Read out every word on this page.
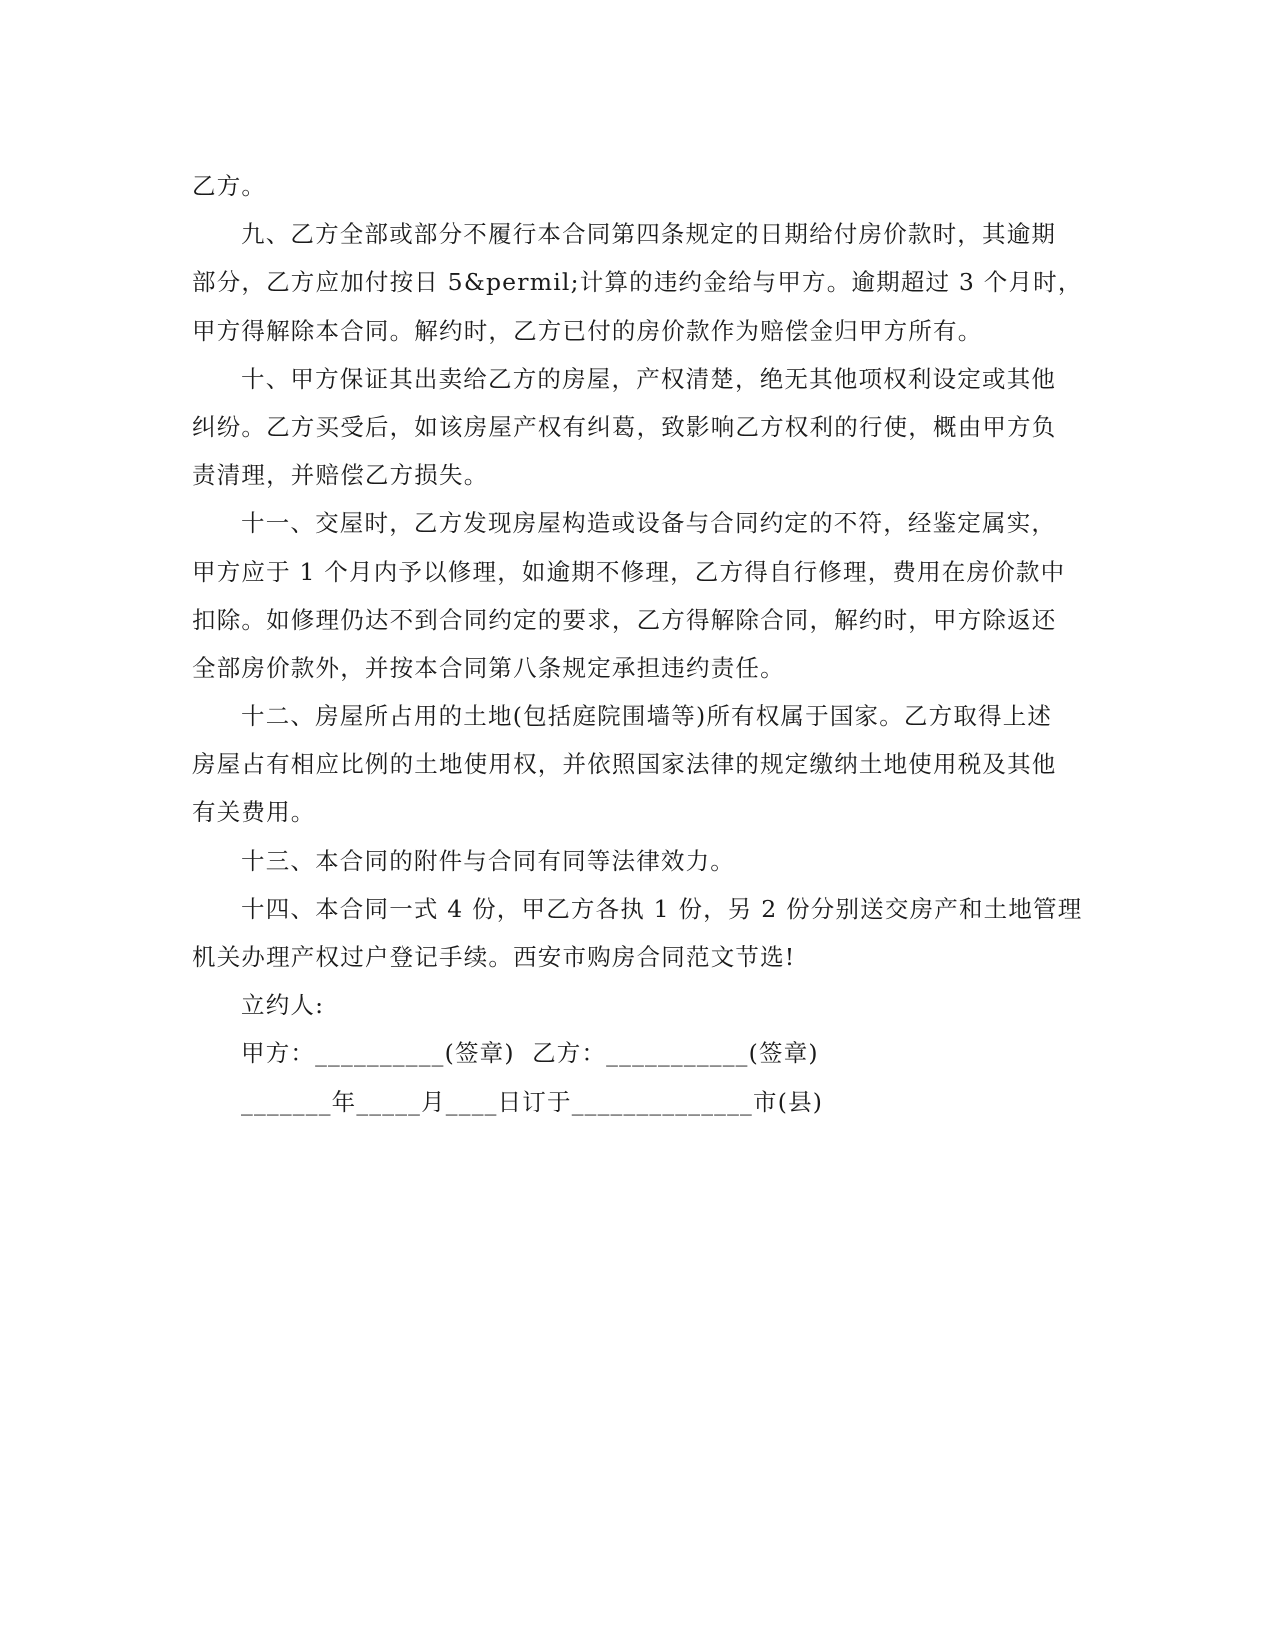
乙方。
九、乙方全部或部分不履行本合同第四条规定的日期给付房价款时，其逾期
部分，乙方应加付按日 5&permil;计算的违约金给与甲方。逾期超过 3 个月时，
甲方得解除本合同。解约时，乙方已付的房价款作为赔偿金归甲方所有。
十、甲方保证其出卖给乙方的房屋，产权清楚，绝无其他项权利设定或其他
纠纷。乙方买受后，如该房屋产权有纠葛，致影响乙方权利的行使，概由甲方负
责清理，并赔偿乙方损失。
十一、交屋时，乙方发现房屋构造或设备与合同约定的不符，经鉴定属实，
甲方应于 1 个月内予以修理，如逾期不修理，乙方得自行修理，费用在房价款中
扣除。如修理仍达不到合同约定的要求，乙方得解除合同，解约时，甲方除返还
全部房价款外，并按本合同第八条规定承担违约责任。
十二、房屋所占用的土地(包括庭院围墙等)所有权属于国家。乙方取得上述
房屋占有相应比例的土地使用权，并依照国家法律的规定缴纳土地使用税及其他
有关费用。
十三、本合同的附件与合同有同等法律效力。
十四、本合同一式 4 份，甲乙方各执 1 份，另 2 份分别送交房产和土地管理
机关办理产权过户登记手续。西安市购房合同范文节选!
立约人:
甲方：__________(签章)  乙方：___________(签章)
_______年_____月____日订于______________市(县)
